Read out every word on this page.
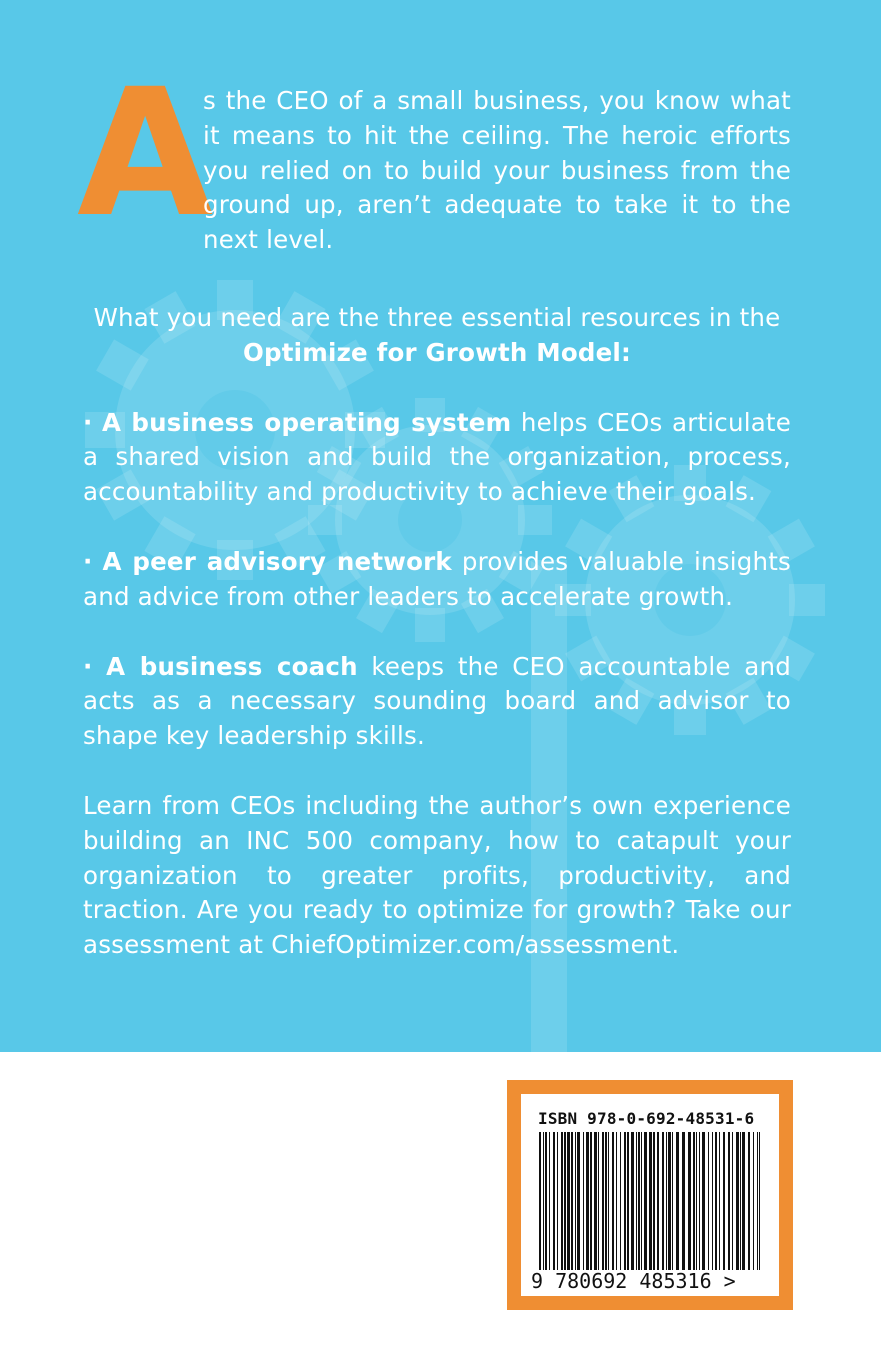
A
s the CEO of a small business, you know what it means to hit the ceiling. The heroic efforts you relied on to build your business from the ground up, aren’t adequate to take it to the next level.

What you need are the three essential resources in the
Optimize for Growth Model:

· A business operating system helps CEOs articulate a shared vision and build the organization, process, accountability and productivity to achieve their goals.

· A peer advisory network provides valuable insights and advice from other leaders to accelerate growth.

· A business coach keeps the CEO accountable and acts as a necessary sounding board and advisor to shape key leadership skills.

Learn from CEOs including the author’s own experience building an INC 500 company, how to catapult your organization to greater profits, productivity, and traction. Are you ready to optimize for growth? Take our assessment at ChiefOptimizer.com/assessment.

ISBN 978-0-692-48531-6
9 780692 485316 >
